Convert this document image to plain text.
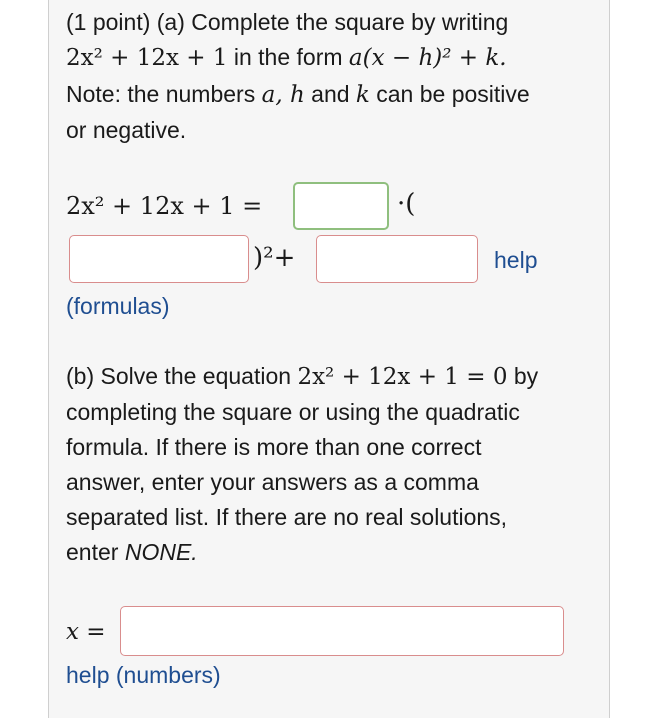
(1 point) (a) Complete the square by writing
2x² + 12x + 1 in the form a(x − h)² + k.
Note: the numbers a, h and k can be positive
or negative.
2x² + 12x + 1 =	·(
)²+	help
(formulas)
(b) Solve the equation 2x² + 12x + 1 = 0 by
completing the square or using the quadratic
formula. If there is more than one correct
answer, enter your answers as a comma
separated list. If there are no real solutions,
enter NONE.
x =
help (numbers)
